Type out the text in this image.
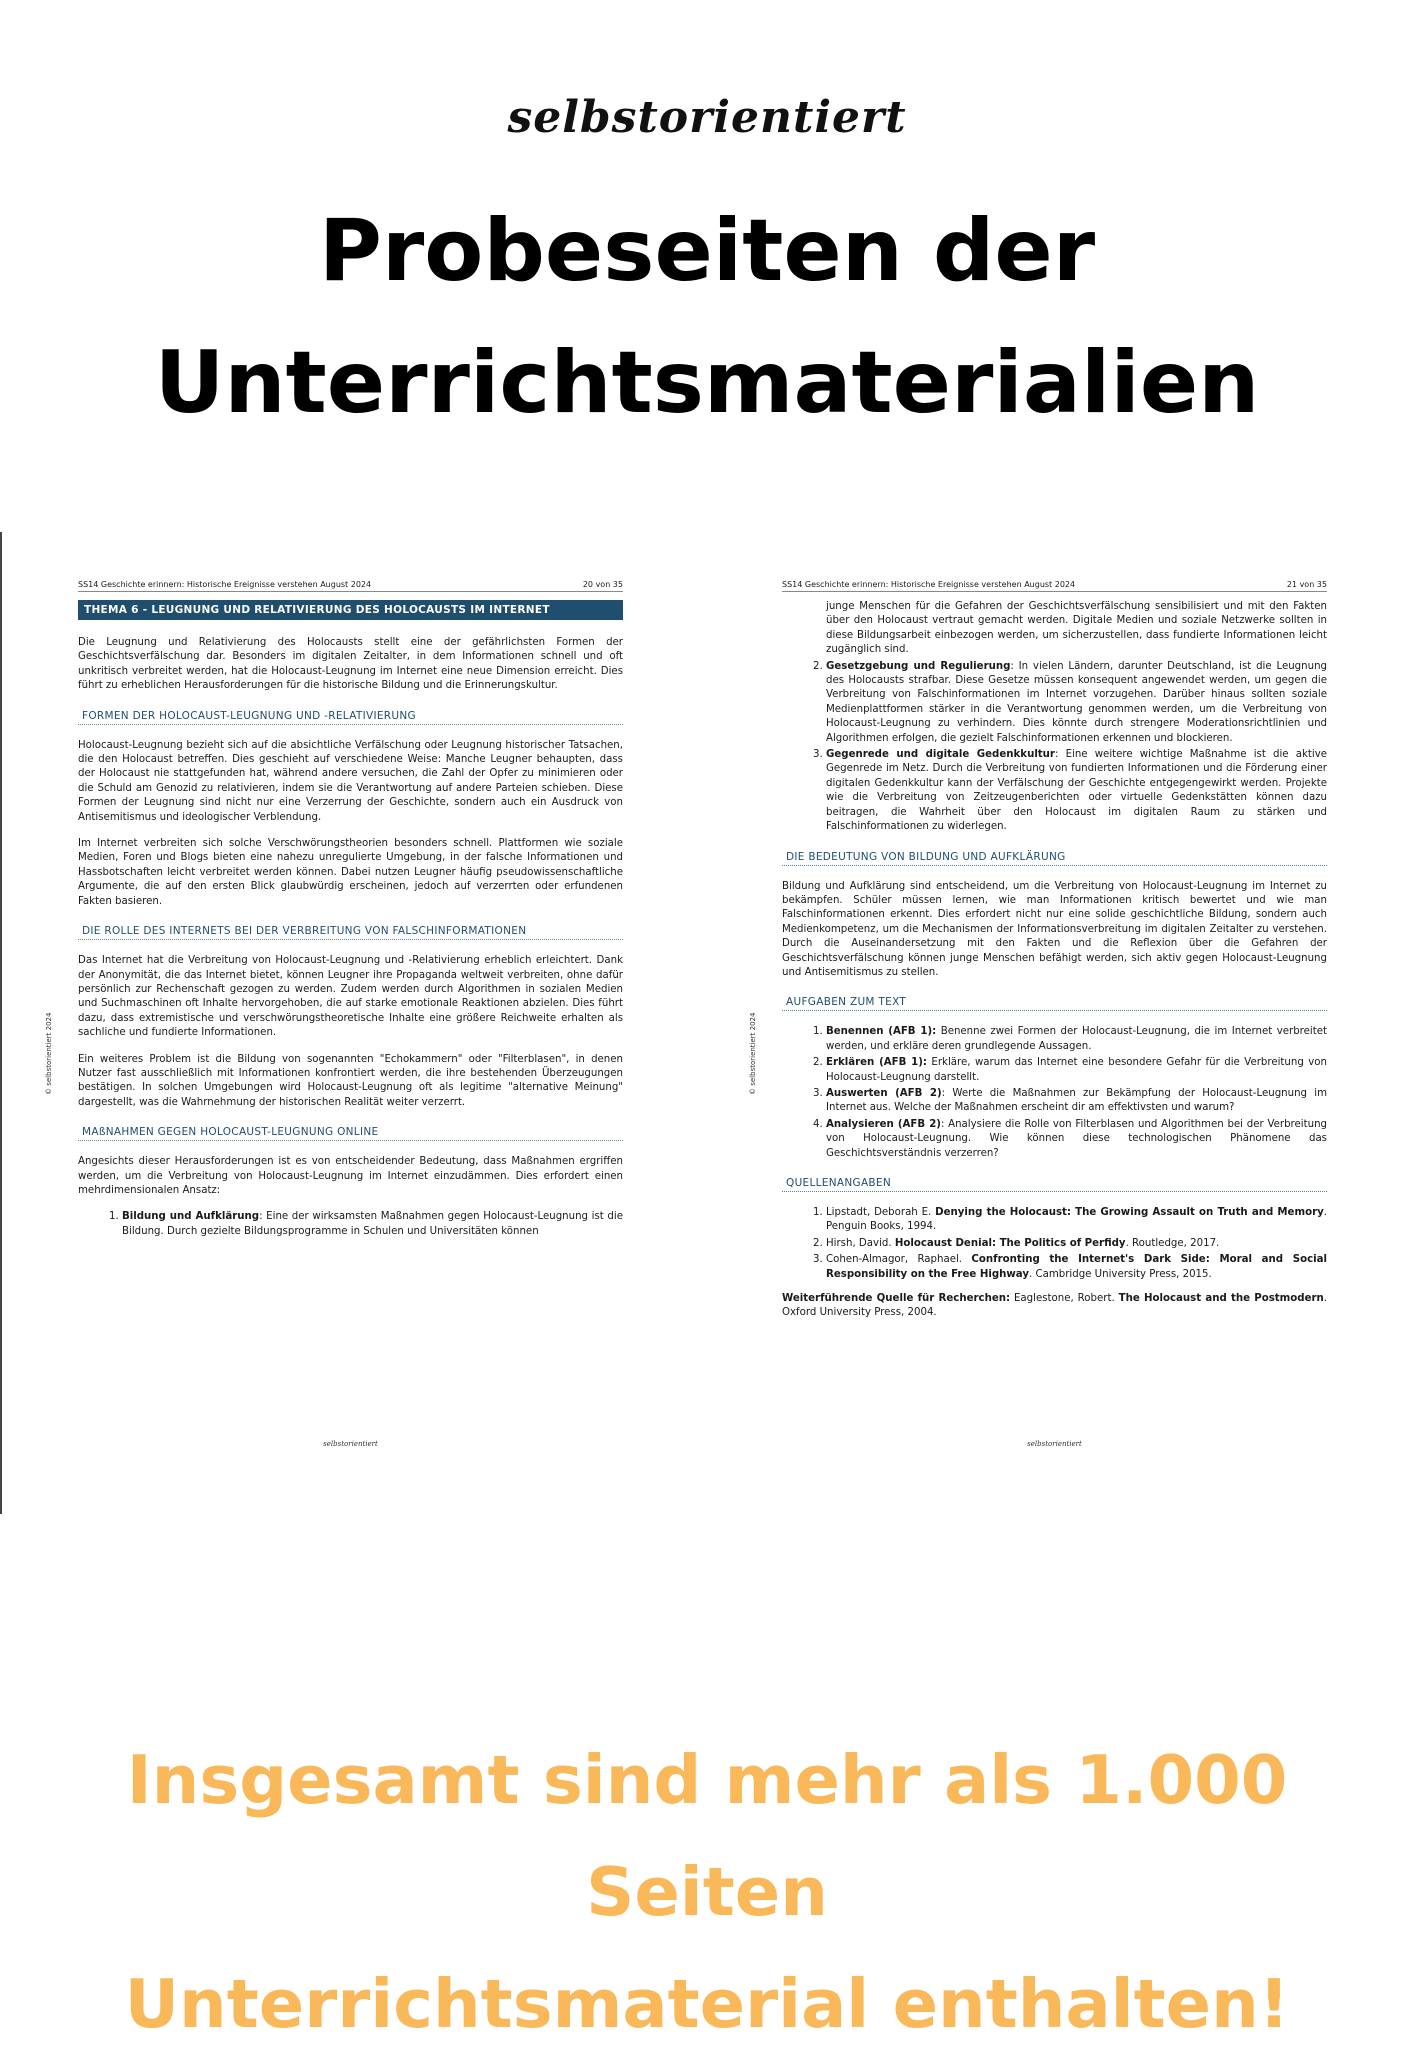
selbstorientiert
Probeseiten der
Unterrichtsmaterialien
SS14 Geschichte erinnern: Historische Ereignisse verstehen August 2024	20 von 35
© selbstorientiert 2024
THEMA 6 - LEUGNUNG UND RELATIVIERUNG DES HOLOCAUSTS IM INTERNET

Die Leugnung und Relativierung des Holocausts stellt eine der gefährlichsten Formen der Geschichtsverfälschung dar. Besonders im digitalen Zeitalter, in dem Informationen schnell und oft unkritisch verbreitet werden, hat die Holocaust-Leugnung im Internet eine neue Dimension erreicht. Dies führt zu erheblichen Herausforderungen für die historische Bildung und die Erinnerungskultur.

FORMEN DER HOLOCAUST-LEUGNUNG UND -RELATIVIERUNG

Holocaust-Leugnung bezieht sich auf die absichtliche Verfälschung oder Leugnung historischer Tatsachen, die den Holocaust betreffen. Dies geschieht auf verschiedene Weise: Manche Leugner behaupten, dass der Holocaust nie stattgefunden hat, während andere versuchen, die Zahl der Opfer zu minimieren oder die Schuld am Genozid zu relativieren, indem sie die Verantwortung auf andere Parteien schieben. Diese Formen der Leugnung sind nicht nur eine Verzerrung der Geschichte, sondern auch ein Ausdruck von Antisemitismus und ideologischer Verblendung.

Im Internet verbreiten sich solche Verschwörungstheorien besonders schnell. Plattformen wie soziale Medien, Foren und Blogs bieten eine nahezu unregulierte Umgebung, in der falsche Informationen und Hassbotschaften leicht verbreitet werden können. Dabei nutzen Leugner häufig pseudowissenschaftliche Argumente, die auf den ersten Blick glaubwürdig erscheinen, jedoch auf verzerrten oder erfundenen Fakten basieren.

DIE ROLLE DES INTERNETS BEI DER VERBREITUNG VON FALSCHINFORMATIONEN

Das Internet hat die Verbreitung von Holocaust-Leugnung und -Relativierung erheblich erleichtert. Dank der Anonymität, die das Internet bietet, können Leugner ihre Propaganda weltweit verbreiten, ohne dafür persönlich zur Rechenschaft gezogen zu werden. Zudem werden durch Algorithmen in sozialen Medien und Suchmaschinen oft Inhalte hervorgehoben, die auf starke emotionale Reaktionen abzielen. Dies führt dazu, dass extremistische und verschwörungstheoretische Inhalte eine größere Reichweite erhalten als sachliche und fundierte Informationen.

Ein weiteres Problem ist die Bildung von sogenannten "Echokammern" oder "Filterblasen", in denen Nutzer fast ausschließlich mit Informationen konfrontiert werden, die ihre bestehenden Überzeugungen bestätigen. In solchen Umgebungen wird Holocaust-Leugnung oft als legitime "alternative Meinung" dargestellt, was die Wahrnehmung der historischen Realität weiter verzerrt.

MAßNAHMEN GEGEN HOLOCAUST-LEUGNUNG ONLINE

Angesichts dieser Herausforderungen ist es von entscheidender Bedeutung, dass Maßnahmen ergriffen werden, um die Verbreitung von Holocaust-Leugnung im Internet einzudämmen. Dies erfordert einen mehrdimensionalen Ansatz:

1. Bildung und Aufklärung: Eine der wirksamsten Maßnahmen gegen Holocaust-Leugnung ist die Bildung. Durch gezielte Bildungsprogramme in Schulen und Universitäten können
selbstorientiert
SS14 Geschichte erinnern: Historische Ereignisse verstehen August 2024	21 von 35
© selbstorientiert 2024

junge Menschen für die Gefahren der Geschichtsverfälschung sensibilisiert und mit den Fakten über den Holocaust vertraut gemacht werden. Digitale Medien und soziale Netzwerke sollten in diese Bildungsarbeit einbezogen werden, um sicherzustellen, dass fundierte Informationen leicht zugänglich sind.

2. Gesetzgebung und Regulierung: In vielen Ländern, darunter Deutschland, ist die Leugnung des Holocausts strafbar. Diese Gesetze müssen konsequent angewendet werden, um gegen die Verbreitung von Falschinformationen im Internet vorzugehen. Darüber hinaus sollten soziale Medienplattformen stärker in die Verantwortung genommen werden, um die Verbreitung von Holocaust-Leugnung zu verhindern. Dies könnte durch strengere Moderationsrichtlinien und Algorithmen erfolgen, die gezielt Falschinformationen erkennen und blockieren.
3. Gegenrede und digitale Gedenkkultur: Eine weitere wichtige Maßnahme ist die aktive Gegenrede im Netz. Durch die Verbreitung von fundierten Informationen und die Förderung einer digitalen Gedenkkultur kann der Verfälschung der Geschichte entgegengewirkt werden. Projekte wie die Verbreitung von Zeitzeugenberichten oder virtuelle Gedenkstätten können dazu beitragen, die Wahrheit über den Holocaust im digitalen Raum zu stärken und Falschinformationen zu widerlegen.
DIE BEDEUTUNG VON BILDUNG UND AUFKLÄRUNG

Bildung und Aufklärung sind entscheidend, um die Verbreitung von Holocaust-Leugnung im Internet zu bekämpfen. Schüler müssen lernen, wie man Informationen kritisch bewertet und wie man Falschinformationen erkennt. Dies erfordert nicht nur eine solide geschichtliche Bildung, sondern auch Medienkompetenz, um die Mechanismen der Informationsverbreitung im digitalen Zeitalter zu verstehen. Durch die Auseinandersetzung mit den Fakten und die Reflexion über die Gefahren der Geschichtsverfälschung können junge Menschen befähigt werden, sich aktiv gegen Holocaust-Leugnung und Antisemitismus zu stellen.

AUFGABEN ZUM TEXT
1. Benennen (AFB 1): Benenne zwei Formen der Holocaust-Leugnung, die im Internet verbreitet werden, und erkläre deren grundlegende Aussagen.
2. Erklären (AFB 1): Erkläre, warum das Internet eine besondere Gefahr für die Verbreitung von Holocaust-Leugnung darstellt.
3. Auswerten (AFB 2): Werte die Maßnahmen zur Bekämpfung der Holocaust-Leugnung im Internet aus. Welche der Maßnahmen erscheint dir am effektivsten und warum?
4. Analysieren (AFB 2): Analysiere die Rolle von Filterblasen und Algorithmen bei der Verbreitung von Holocaust-Leugnung. Wie können diese technologischen Phänomene das Geschichtsverständnis verzerren?
QUELLENANGABEN
1. Lipstadt, Deborah E. Denying the Holocaust: The Growing Assault on Truth and Memory. Penguin Books, 1994.
2. Hirsh, David. Holocaust Denial: The Politics of Perfidy. Routledge, 2017.
3. Cohen-Almagor, Raphael. Confronting the Internet's Dark Side: Moral and Social Responsibility on the Free Highway. Cambridge University Press, 2015.

Weiterführende Quelle für Recherchen: Eaglestone, Robert. The Holocaust and the Postmodern. Oxford University Press, 2004.

selbstorientiert
Insgesamt sind mehr als 1.000 Seiten
Unterrichtsmaterial enthalten!
